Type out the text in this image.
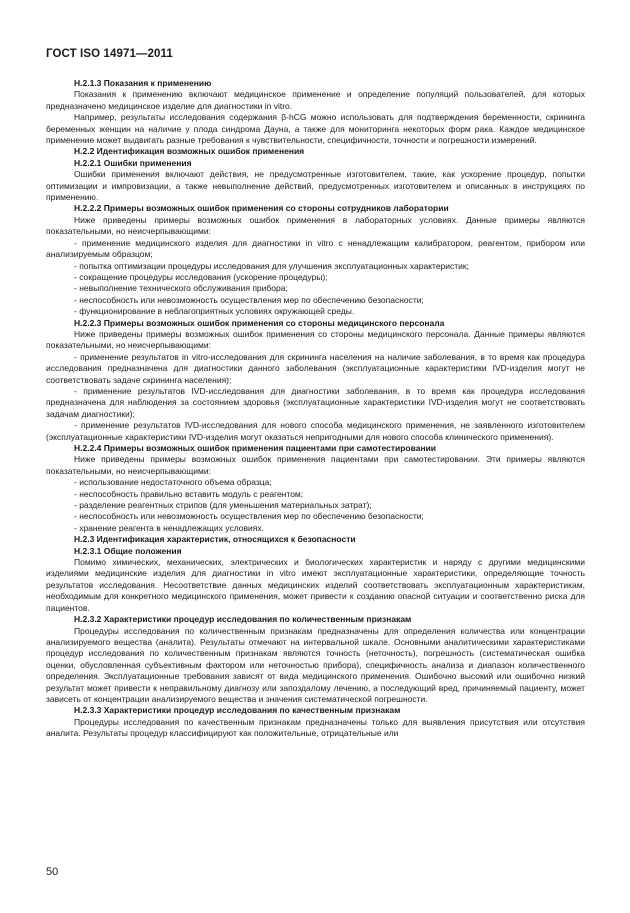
ГОСТ ISO 14971—2011

H.2.1.3 Показания к применению

Показания к применению включают медицинское применение и определение популяций пользователей, для которых предназначено медицинское изделие для диагностики in vitro.

Например, результаты исследования содержания β-hCG можно использовать для подтверждения беременности, скрининга беременных женщин на наличие у плода синдрома Дауна, а также для мониторинга некоторых форм рака. Каждое медицинское применение может выдвигать разные требования к чувствительности, специфичности, точности и погрешности измерений.

H.2.2 Идентификация возможных ошибок применения

H.2.2.1 Ошибки применения

Ошибки применения включают действия, не предусмотренные изготовителем, такие, как ускорение процедур, попытки оптимизации и импровизации, а также невыполнение действий, предусмотренных изготовителем и описанных в инструкциях по применению.

H.2.2.2 Примеры возможных ошибок применения со стороны сотрудников лаборатории

Ниже приведены примеры возможных ошибок применения в лабораторных условиях. Данные примеры являются показательными, но неисчерпывающими:

- применение медицинского изделия для диагностики in vitro с ненадлежащим калибратором, реагентом, прибором или анализируемым образцом;

- попытка оптимизации процедуры исследования для улучшения эксплуатационных характеристик;

- сокращение процедуры исследования (ускорение процедуры);

- невыполнение технического обслуживания прибора;

- неспособность или невозможность осуществления мер по обеспечению безопасности;

- функционирование в неблагоприятных условиях окружающей среды.

H.2.2.3 Примеры возможных ошибок применения со стороны медицинского персонала

Ниже приведены примеры возможных ошибок применения со стороны медицинского персонала. Данные примеры являются показательными, но неисчерпывающими:

- применение результатов in vitro-исследования для скрининга населения на наличие заболевания, в то время как процедура исследования предназначена для диагностики данного заболевания (эксплуатационные характеристики IVD-изделия могут не соответствовать задаче скрининга населения);

- применение результатов IVD-исследования для диагностики заболевания, в то время как процедура исследования предназначена для наблюдения за состоянием здоровья (эксплуатационные характеристики IVD-изделия могут не соответствовать задачам диагностики);

- применение результатов IVD-исследования для нового способа медицинского применения, не заявленного изготовителем (эксплуатационные характеристики IVD-изделия могут оказаться непригодными для нового способа клинического применения).

H.2.2.4 Примеры возможных ошибок применения пациентами при самотестировании

Ниже приведены примеры возможных ошибок применения пациентами при самотестировании. Эти примеры являются показательными, но неисчерпывающими:

- использование недостаточного объема образца;

- неспособность правильно вставить модуль с реагентом;

- разделение реагентных стрипов (для уменьшения материальных затрат);

- неспособность или невозможность осуществления мер по обеспечению безопасности;

- хранение реагента в ненадлежащих условиях.

H.2.3 Идентификация характеристик, относящихся к безопасности

H.2.3.1 Общие положения

Помимо химических, механических, электрических и биологических характеристик и наряду с другими медицинскими изделиями медицинские изделия для диагностики in vitro имеют эксплуатационные характеристики, определяющие точность результатов исследования. Несоответствие данных медицинских изделий соответствовать эксплуатационным характеристикам, необходимым для конкретного медицинского применения, может привести к созданию опасной ситуации и соответственно риска для пациентов.

H.2.3.2 Характеристики процедур исследования по количественным признакам

Процедуры исследования по количественным признакам предназначены для определения количества или концентрации анализируемого вещества (аналита). Результаты отмечают на интервальной шкале. Основными аналитическими характеристиками процедур исследования по количественным признакам являются точность (неточность), погрешность (систематическая ошибка оценки, обусловленная субъективным фактором или неточностью прибора), специфичность анализа и диапазон количественного определения. Эксплуатационные требования зависят от вида медицинского применения. Ошибочно высокий или ошибочно низкий результат может привести к неправильному диагнозу или запоздалому лечению, а последующий вред, причиняемый пациенту, может зависеть от концентрации анализируемого вещества и значения систематической погрешности.

H.2.3.3 Характеристики процедур исследования по качественным признакам

Процедуры исследования по качественным признакам предназначены только для выявления присутствия или отсутствия аналита. Результаты процедур классифицируют как положительные, отрицательные или

50
